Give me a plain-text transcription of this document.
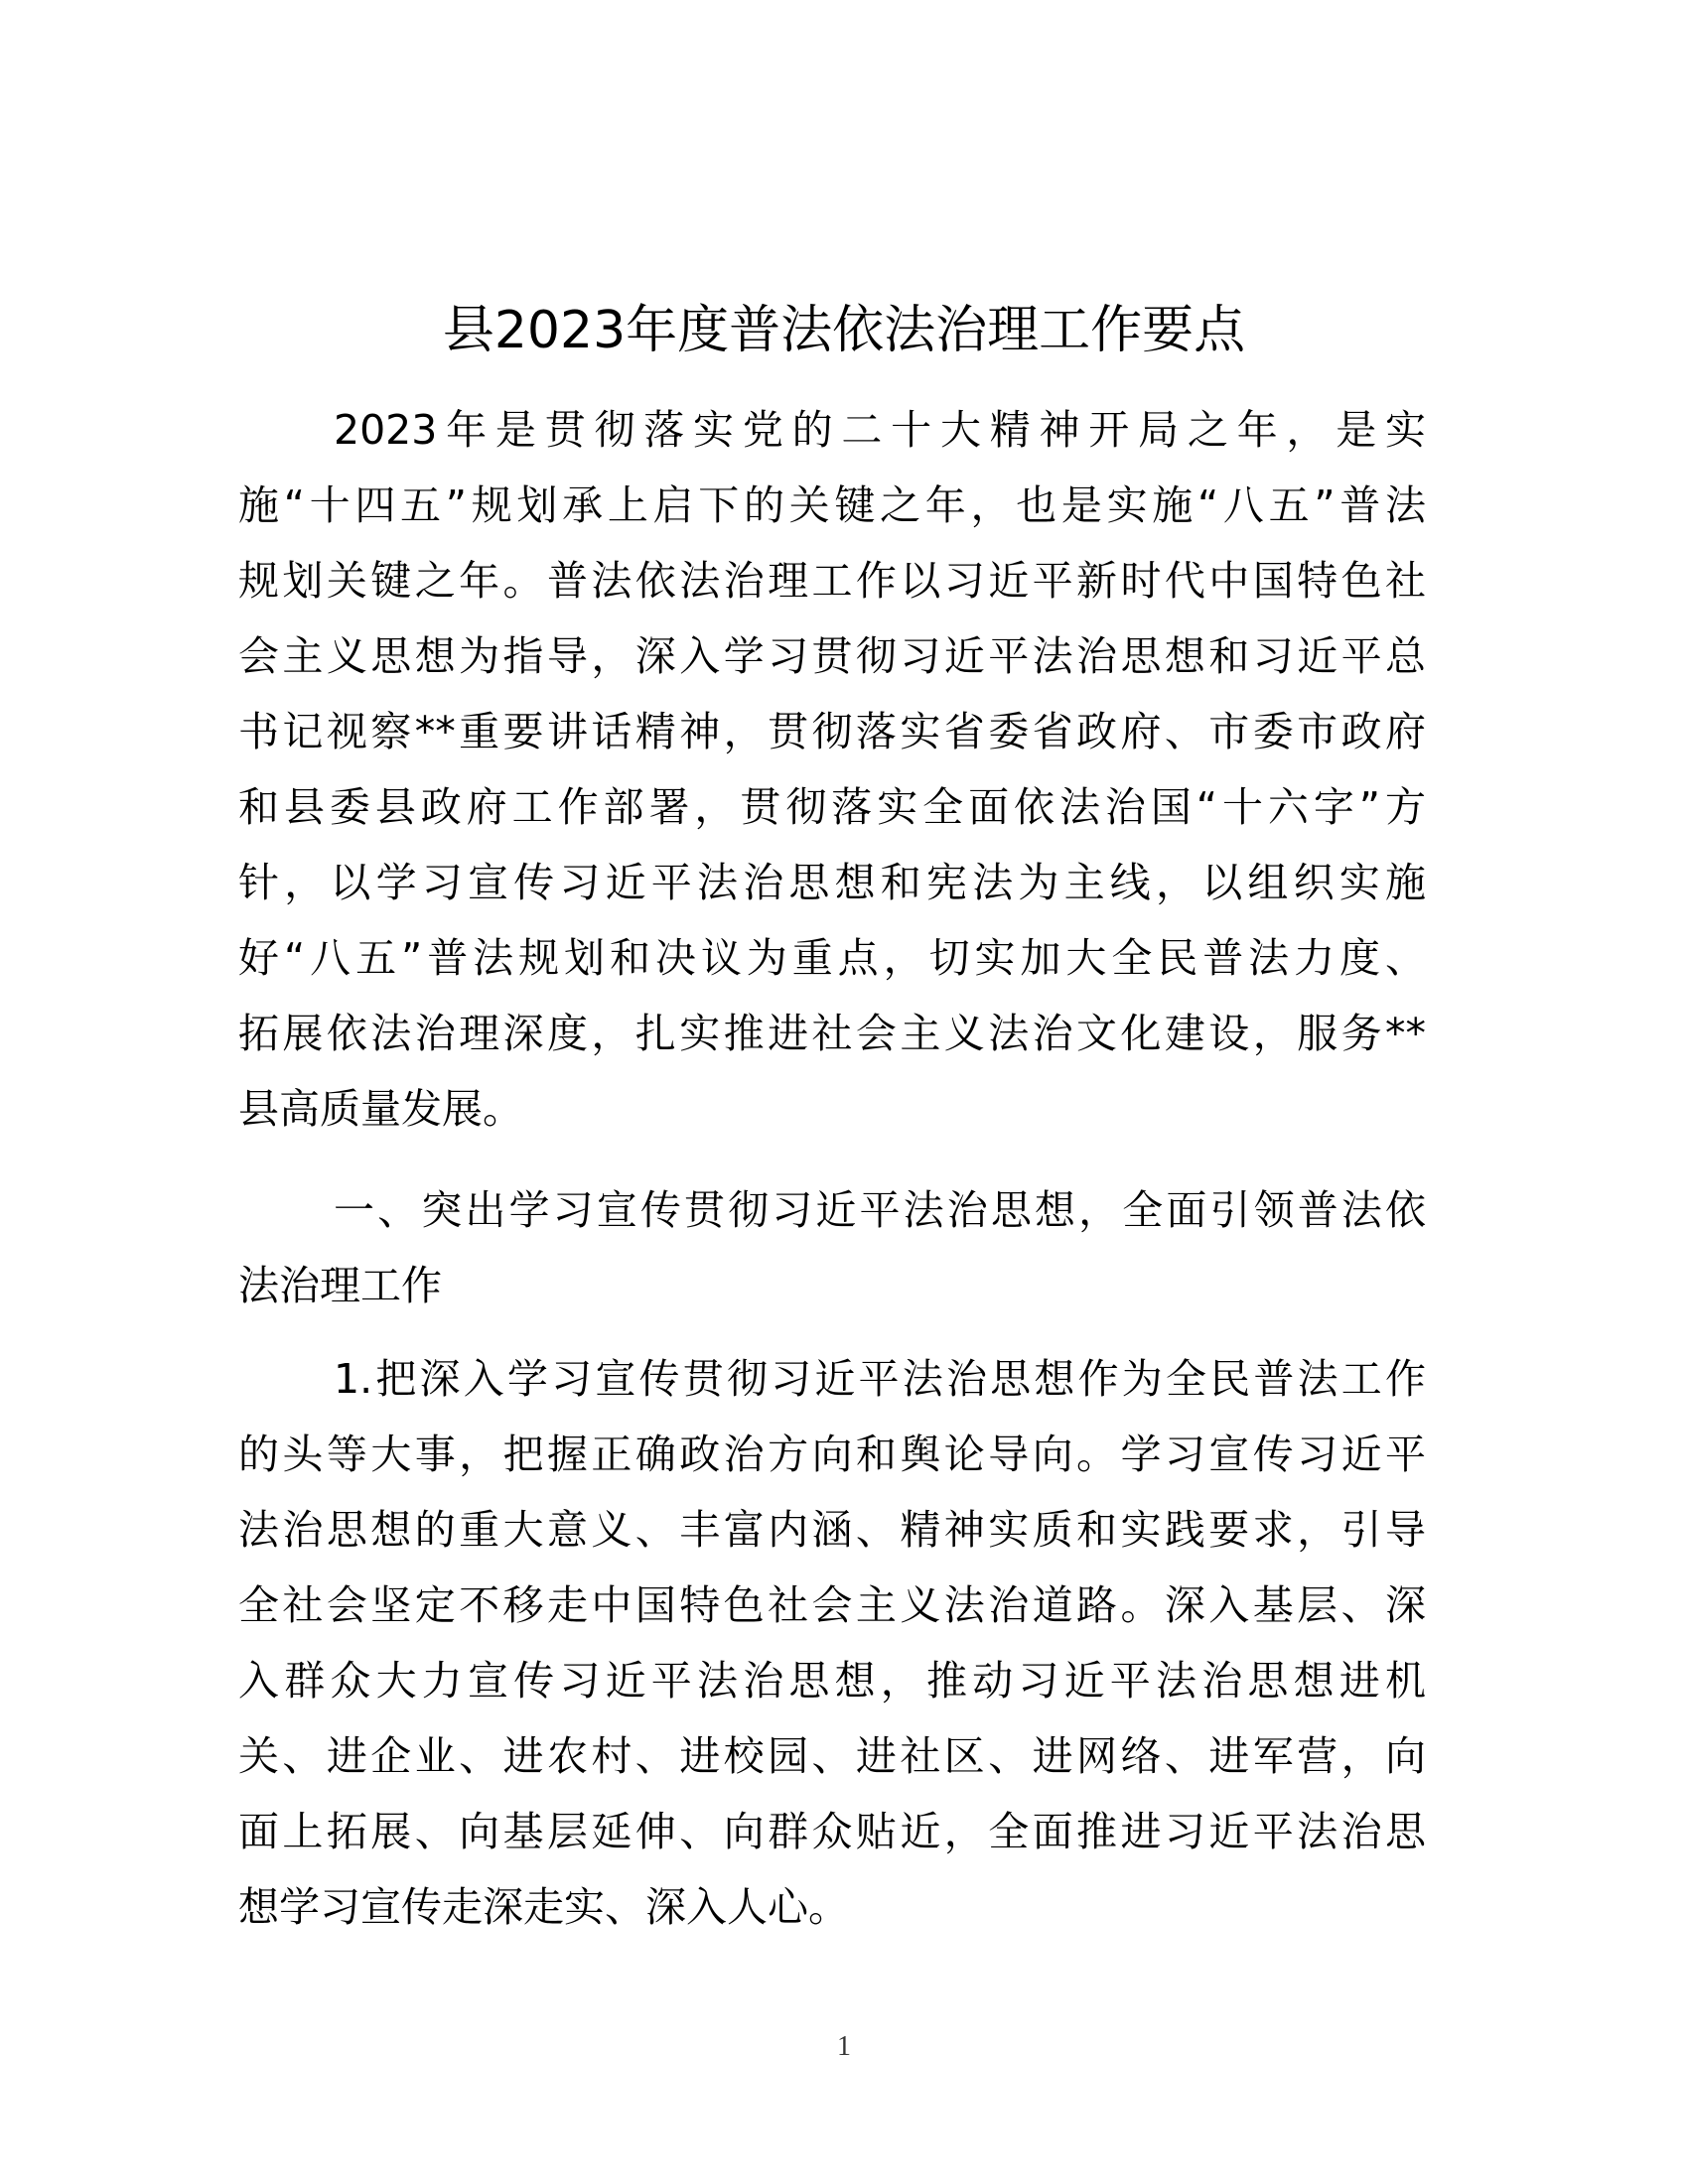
县2023年度普法依法治理工作要点
2023年是贯彻落实党的二十大精神开局之年，是实
施“十四五”规划承上启下的关键之年，也是实施“八五”普法
规划关键之年。普法依法治理工作以习近平新时代中国特色社
会主义思想为指导，深入学习贯彻习近平法治思想和习近平总
书记视察**重要讲话精神，贯彻落实省委省政府、市委市政府
和县委县政府工作部署，贯彻落实全面依法治国“十六字”方
针，以学习宣传习近平法治思想和宪法为主线，以组织实施
好“八五”普法规划和决议为重点，切实加大全民普法力度、
拓展依法治理深度，扎实推进社会主义法治文化建设，服务**
县高质量发展。
一、突出学习宣传贯彻习近平法治思想，全面引领普法依
法治理工作
1.把深入学习宣传贯彻习近平法治思想作为全民普法工作
的头等大事，把握正确政治方向和舆论导向。学习宣传习近平
法治思想的重大意义、丰富内涵、精神实质和实践要求，引导
全社会坚定不移走中国特色社会主义法治道路。深入基层、深
入群众大力宣传习近平法治思想，推动习近平法治思想进机
关、进企业、进农村、进校园、进社区、进网络、进军营，向
面上拓展、向基层延伸、向群众贴近，全面推进习近平法治思
想学习宣传走深走实、深入人心。
1
